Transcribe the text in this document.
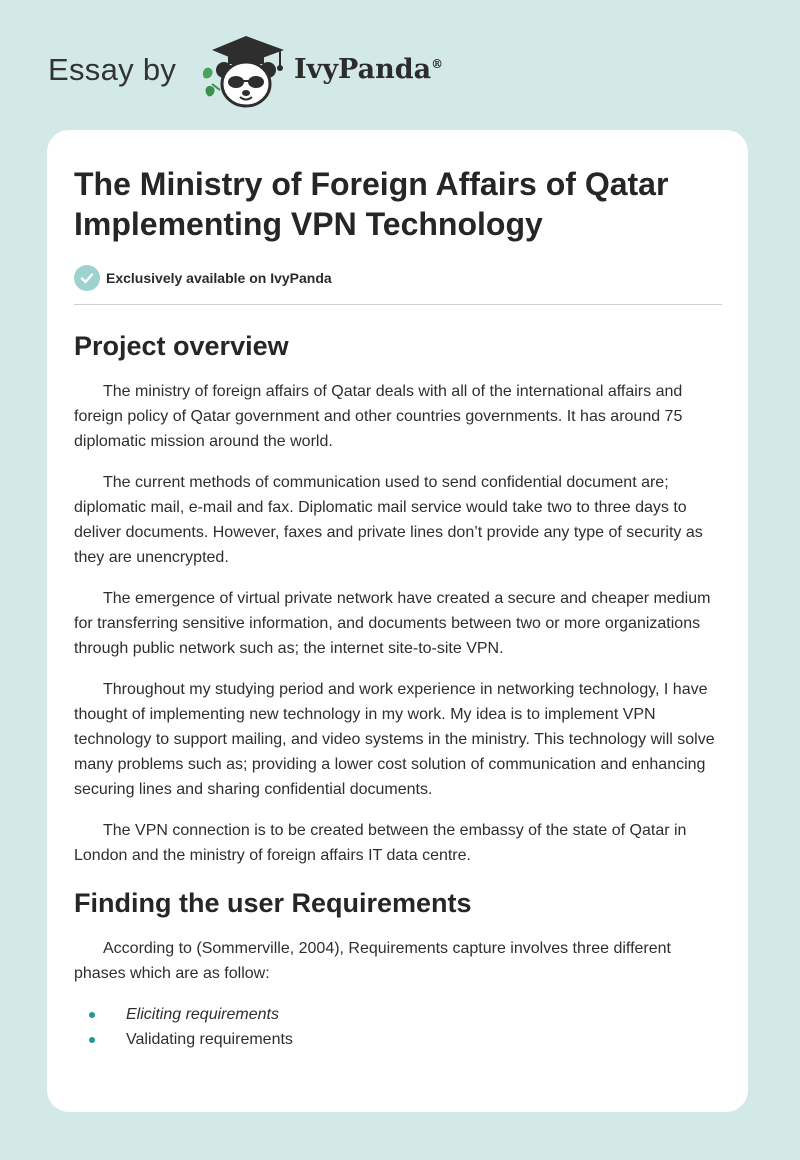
Essay by	IvyPanda®
The Ministry of Foreign Affairs of Qatar Implementing VPN Technology
Exclusively available on IvyPanda
Project overview

The ministry of foreign affairs of Qatar deals with all of the international affairs and foreign policy of Qatar government and other countries governments. It has around 75 diplomatic mission around the world.

The current methods of communication used to send confidential document are; diplomatic mail, e-mail and fax. Diplomatic mail service would take two to three days to deliver documents. However, faxes and private lines don’t provide any type of security as they are unencrypted.

The emergence of virtual private network have created a secure and cheaper medium for transferring sensitive information, and documents between two or more organizations through public network such as; the internet site-to-site VPN.

Throughout my studying period and work experience in networking technology, I have thought of implementing new technology in my work. My idea is to implement VPN technology to support mailing, and video systems in the ministry. This technology will solve many problems such as; providing a lower cost solution of communication and enhancing securing lines and sharing confidential documents.

The VPN connection is to be created between the embassy of the state of Qatar in London and the ministry of foreign affairs IT data centre.

Finding the user Requirements

According to (Sommerville, 2004), Requirements capture involves three different phases which are as follow:

Eliciting requirements
Validating requirements
